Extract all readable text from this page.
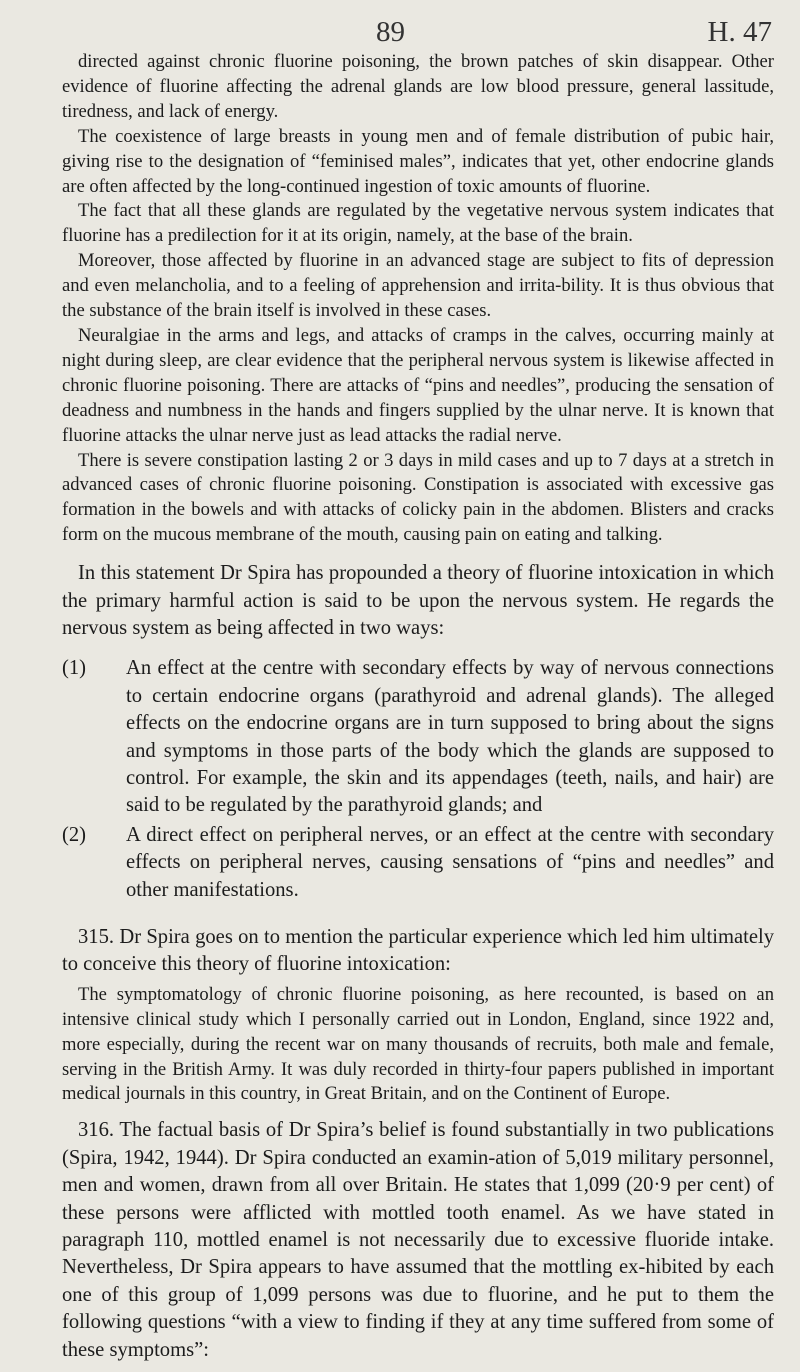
89	H. 47

directed against chronic fluorine poisoning, the brown patches of skin disappear. Other evidence of fluorine affecting the adrenal glands are low blood pressure, general lassitude, tiredness, and lack of energy.

The coexistence of large breasts in young men and of female distribution of pubic hair, giving rise to the designation of “feminised males”, indicates that yet, other endocrine glands are often affected by the long-continued ingestion of toxic amounts of fluorine.

The fact that all these glands are regulated by the vegetative nervous system indicates that fluorine has a predilection for it at its origin, namely, at the base of the brain.

Moreover, those affected by fluorine in an advanced stage are subject to fits of depression and even melancholia, and to a feeling of apprehension and irrita-bility. It is thus obvious that the substance of the brain itself is involved in these cases.

Neuralgiae in the arms and legs, and attacks of cramps in the calves, occurring mainly at night during sleep, are clear evidence that the peripheral nervous system is likewise affected in chronic fluorine poisoning. There are attacks of “pins and needles”, producing the sensation of deadness and numbness in the hands and fingers supplied by the ulnar nerve. It is known that fluorine attacks the ulnar nerve just as lead attacks the radial nerve.

There is severe constipation lasting 2 or 3 days in mild cases and up to 7 days at a stretch in advanced cases of chronic fluorine poisoning. Constipation is associated with excessive gas formation in the bowels and with attacks of colicky pain in the abdomen. Blisters and cracks form on the mucous membrane of the mouth, causing pain on eating and talking.

In this statement Dr Spira has propounded a theory of fluorine intoxication in which the primary harmful action is said to be upon the nervous system. He regards the nervous system as being affected in two ways:

(1)	An effect at the centre with secondary effects by way of nervous connections to certain endocrine organs (parathyroid and adrenal glands). The alleged effects on the endocrine organs are in turn supposed to bring about the signs and symptoms in those parts of the body which the glands are supposed to control. For example, the skin and its appendages (teeth, nails, and hair) are said to be regulated by the parathyroid glands; and
(2)	A direct effect on peripheral nerves, or an effect at the centre with secondary effects on peripheral nerves, causing sensations of “pins and needles” and other manifestations.

315. Dr Spira goes on to mention the particular experience which led him ultimately to conceive this theory of fluorine intoxication:

The symptomatology of chronic fluorine poisoning, as here recounted, is based on an intensive clinical study which I personally carried out in London, England, since 1922 and, more especially, during the recent war on many thousands of recruits, both male and female, serving in the British Army. It was duly recorded in thirty-four papers published in important medical journals in this country, in Great Britain, and on the Continent of Europe.

316. The factual basis of Dr Spira’s belief is found substantially in two publications (Spira, 1942, 1944). Dr Spira conducted an examin-ation of 5,019 military personnel, men and women, drawn from all over Britain. He states that 1,099 (20·9 per cent) of these persons were afflicted with mottled tooth enamel. As we have stated in paragraph 110, mottled enamel is not necessarily due to excessive fluoride intake. Nevertheless, Dr Spira appears to have assumed that the mottling ex-hibited by each one of this group of 1,099 persons was due to fluorine, and he put to them the following questions “with a view to finding if they at any time suffered from some of these symptoms”:
